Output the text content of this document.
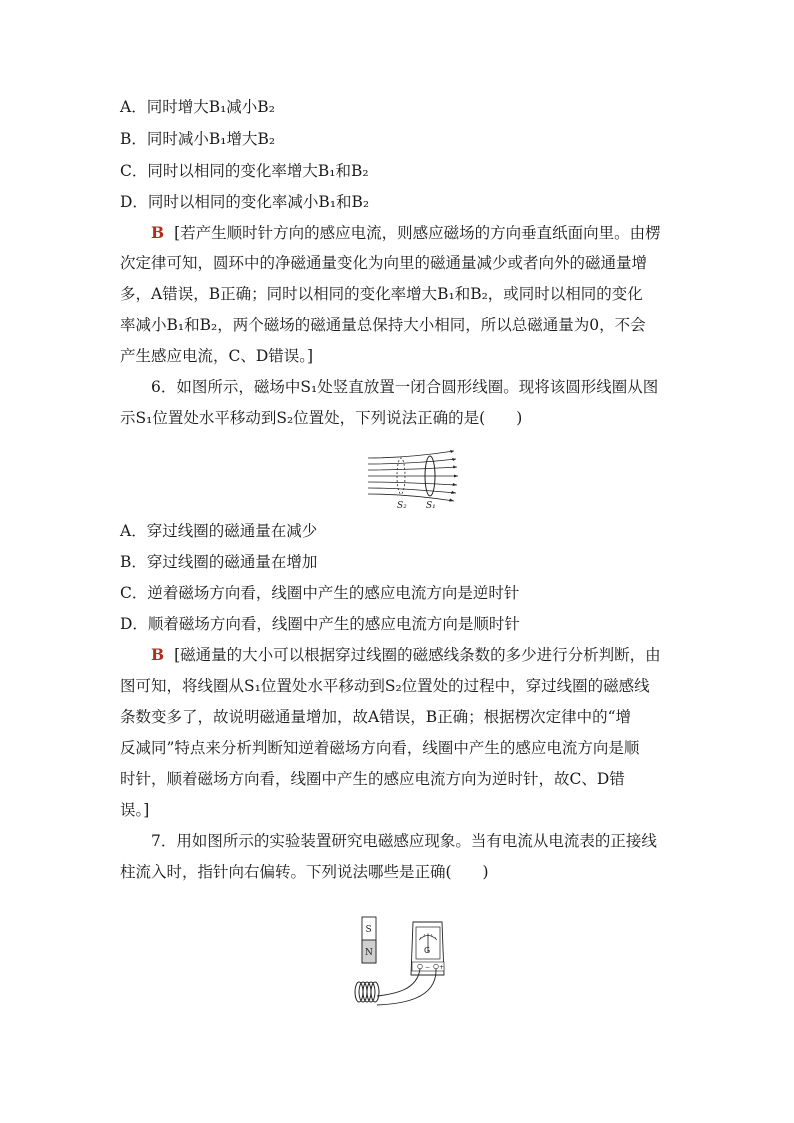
A．同时增大B₁减小B₂
B．同时减小B₁增大B₂
C．同时以相同的变化率增大B₁和B₂
D．同时以相同的变化率减小B₁和B₂
B [若产生顺时针方向的感应电流，则感应磁场的方向垂直纸面向里。由楞
次定律可知，圆环中的净磁通量变化为向里的磁通量减少或者向外的磁通量增
多，A错误，B正确；同时以相同的变化率增大B₁和B₂，或同时以相同的变化
率减小B₁和B₂，两个磁场的磁通量总保持大小相同，所以总磁通量为0，不会
产生感应电流，C、D错误。]
6．如图所示，磁场中S₁处竖直放置一闭合圆形线圈。现将该圆形线圈从图
示S₁位置处水平移动到S₂位置处，下列说法正确的是(　　)
S₂ S₁
A．穿过线圈的磁通量在减少
B．穿过线圈的磁通量在增加
C．逆着磁场方向看，线圈中产生的感应电流方向是逆时针
D．顺着磁场方向看，线圈中产生的感应电流方向是顺时针
B [磁通量的大小可以根据穿过线圈的磁感线条数的多少进行分析判断，由
图可知，将线圈从S₁位置处水平移动到S₂位置处的过程中，穿过线圈的磁感线
条数变多了，故说明磁通量增加，故A错误，B正确；根据楞次定律中的“增
反减同”特点来分析判断知逆着磁场方向看，线圈中产生的感应电流方向是顺
时针，顺着磁场方向看，线圈中产生的感应电流方向为逆时针，故C、D错
误。]
7．用如图所示的实验装置研究电磁感应现象。当有电流从电流表的正接线
柱流入时，指针向右偏转。下列说法哪些是正确(　　)
S
N	G
− +
